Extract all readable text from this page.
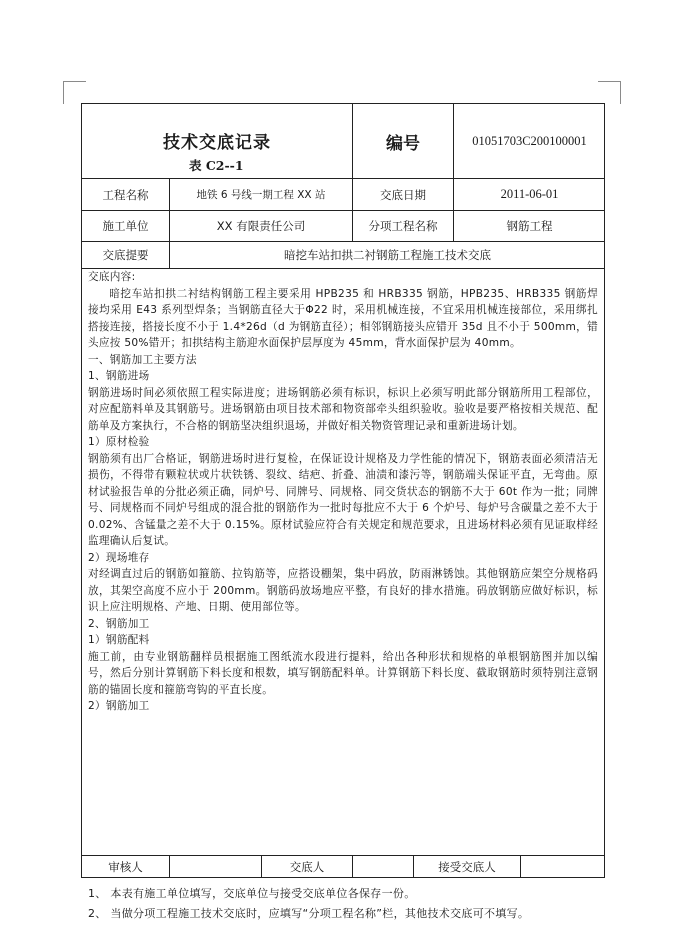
技术交底记录
表 C2--1
编号	01051703C200100001
工程名称	地铁 6 号线一期工程 XX 站	交底日期	2011-06-01
施工单位	XX 有限责任公司	分项工程名称	钢筋工程
交底提要	暗挖车站扣拱二衬钢筋工程施工技术交底

交底内容:

暗挖车站扣拱二衬结构钢筋工程主要采用 HPB235 和 HRB335 钢筋，HPB235、HRB335 钢筋焊接均采用 E43 系列型焊条；当钢筋直径大于Φ22 时，采用机械连接，不宜采用机械连接部位，采用绑扎搭接连接，搭接长度不小于 1.4*26d（d 为钢筋直径）；相邻钢筋接头应错开 35d 且不小于 500mm，错头应按 50%错开；扣拱结构主筋迎水面保护层厚度为 45mm，背水面保护层为 40mm。

一、钢筋加工主要方法

1、钢筋进场

钢筋进场时间必须依照工程实际进度；进场钢筋必须有标识，标识上必须写明此部分钢筋所用工程部位，对应配筋料单及其钢筋号。进场钢筋由项目技术部和物资部牵头组织验收。验收是要严格按相关规范、配筋单及方案执行，不合格的钢筋坚决组织退场，并做好相关物资管理记录和重新进场计划。

1）原材检验

钢筋须有出厂合格证，钢筋进场时进行复检，在保证设计规格及力学性能的情况下，钢筋表面必须清洁无损伤，不得带有颗粒状或片状铁锈、裂纹、结疤、折叠、油渍和漆污等，钢筋端头保证平直，无弯曲。原材试验报告单的分批必须正确，同炉号、同牌号、同规格、同交货状态的钢筋不大于 60t 作为一批；同牌号、同规格而不同炉号组成的混合批的钢筋作为一批时每批应不大于 6 个炉号、每炉号含碳量之差不大于 0.02%、含锰量之差不大于 0.15%。原材试验应符合有关规定和规范要求，且进场材料必须有见证取样经监理确认后复试。

2）现场堆存

对经调直过后的钢筋如箍筋、拉钩筋等，应搭设棚架，集中码放，防雨淋锈蚀。其他钢筋应架空分规格码放，其架空高度不应小于 200mm。钢筋码放场地应平整，有良好的排水措施。码放钢筋应做好标识，标识上应注明规格、产地、日期、使用部位等。

2、钢筋加工

1）钢筋配料

施工前，由专业钢筋翻样员根据施工图纸流水段进行提料，给出各种形状和规格的单根钢筋图并加以编号，然后分别计算钢筋下料长度和根数，填写钢筋配料单。计算钢筋下料长度、截取钢筋时须特别注意钢筋的锚固长度和箍筋弯钩的平直长度。

2）钢筋加工

审核人	交底人	接受交底人

1、 本表有施工单位填写，交底单位与接受交底单位各保存一份。

2、 当做分项工程施工技术交底时，应填写“分项工程名称”栏，其他技术交底可不填写。
